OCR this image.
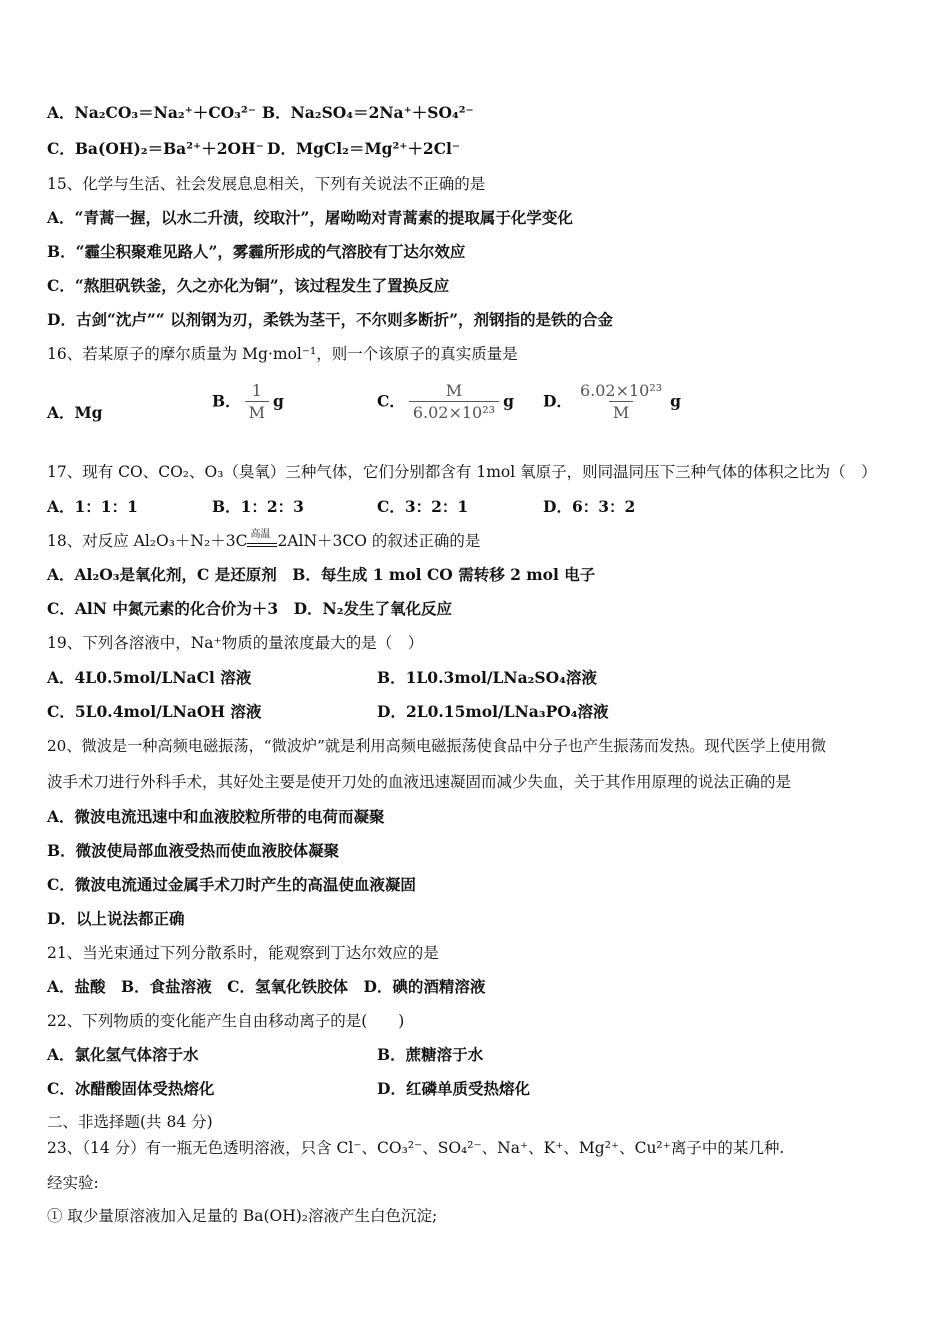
A．Na₂CO₃＝Na₂⁺＋CO₃²⁻ B．Na₂SO₄＝2Na⁺＋SO₄²⁻
C．Ba(OH)₂＝Ba²⁺＋2OH⁻ D．MgCl₂＝Mg²⁺＋2Cl⁻
15、化学与生活、社会发展息息相关，下列有关说法不正确的是
A．“青蒿一握，以水二升渍，绞取汁”，屠呦呦对青蒿素的提取属于化学变化
B．“霾尘积聚难见路人”，雾霾所形成的气溶胶有丁达尔效应
C．“熬胆矾铁釜，久之亦化为铜”，该过程发生了置换反应
D．古剑“沈卢”“ 以剂钢为刃，柔铁为茎干，不尔则多断折”，剂钢指的是铁的合金
16、若某原子的摩尔质量为 Mg·mol⁻¹，则一个该原子的真实质量是
A．Mg
B． $\frac{1}{M}$ g	C． $\frac{M}{\text{6.02×10²³}}$ g D． $\frac{\text{6.02×10²³}}{M}$ g
17、现有 CO、CO₂、O₃（臭氧）三种气体，它们分别都含有 1mol 氧原子，则同温同压下三种气体的体积之比为（　）
A．1：1：1	B．1：2：3	C．3：2：1	D．6：3：2
18、对反应 Al₂O₃＋N₂＋3C 高温 2AlN＋3CO 的叙述正确的是
A．Al₂O₃是氧化剂，C 是还原剂　B．每生成 1 mol CO 需转移 2 mol 电子
C．AlN 中氮元素的化合价为＋3　D．N₂发生了氧化反应
19、下列各溶液中，Na⁺物质的量浓度最大的是（　）
A．4L0.5mol/LNaCl 溶液	B．1L0.3mol/LNa₂SO₄溶液
C．5L0.4mol/LNaOH 溶液	D．2L0.15mol/LNa₃PO₄溶液
20、微波是一种高频电磁振荡，“微波炉”就是利用高频电磁振荡使食品中分子也产生振荡而发热。现代医学上使用微
波手术刀进行外科手术，其好处主要是使开刀处的血液迅速凝固而减少失血，关于其作用原理的说法正确的是
A．微波电流迅速中和血液胶粒所带的电荷而凝聚
B．微波使局部血液受热而使血液胶体凝聚
C．微波电流通过金属手术刀时产生的高温使血液凝固
D．以上说法都正确
21、当光束通过下列分散系时，能观察到丁达尔效应的是
A．盐酸　B．食盐溶液　C．氢氧化铁胶体　D．碘的酒精溶液
22、下列物质的变化能产生自由移动离子的是(　　)
A．氯化氢气体溶于水	B．蔗糖溶于水
C．冰醋酸固体受热熔化	D．红磷单质受热熔化
二、非选择题(共 84 分)
23、（14 分）有一瓶无色透明溶液，只含 Cl⁻、CO₃²⁻、SO₄²⁻、Na⁺、K⁺、Mg²⁺、Cu²⁺离子中的某几种.
经实验:
① 取少量原溶液加入足量的 Ba(OH)₂溶液产生白色沉淀;
